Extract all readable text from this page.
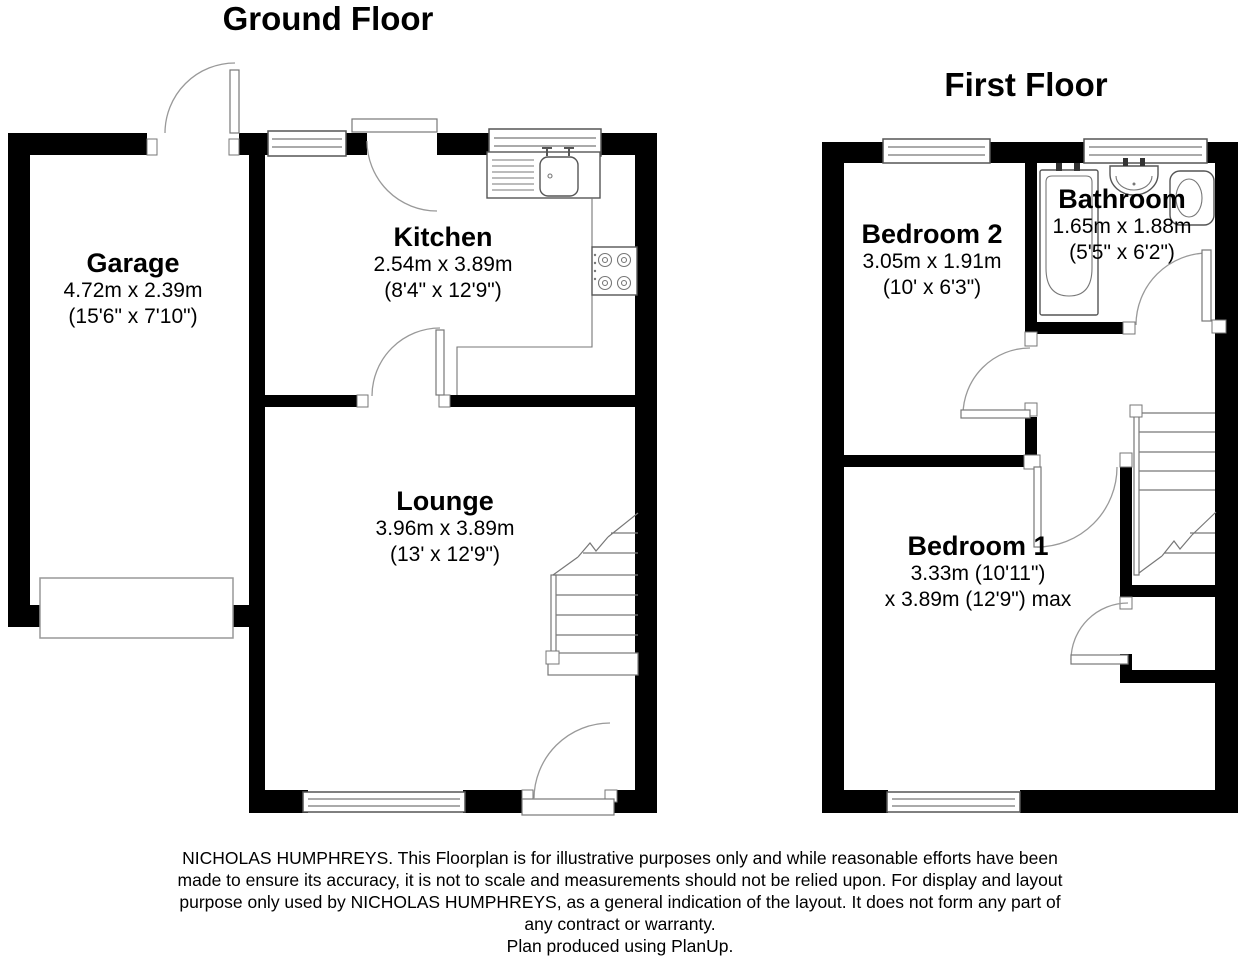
Ground Floor
First Floor
Garage
4.72m x 2.39m
(15'6" x 7'10")
Kitchen
2.54m x 3.89m
(8'4" x 12'9")
Lounge
3.96m x 3.89m
(13' x 12'9")
Bedroom 2
3.05m x 1.91m
(10' x 6'3")
Bathroom
1.65m x 1.88m
(5'5" x 6'2")
Bedroom 1
3.33m (10'11")
x 3.89m (12'9") max
NICHOLAS HUMPHREYS. This Floorplan is for illustrative purposes only and while reasonable efforts have been
made to ensure its accuracy, it is not to scale and measurements should not be relied upon. For display and layout
purpose only used by NICHOLAS HUMPHREYS, as a general indication of the layout. It does not form any part of
any contract or warranty.
Plan produced using PlanUp.
